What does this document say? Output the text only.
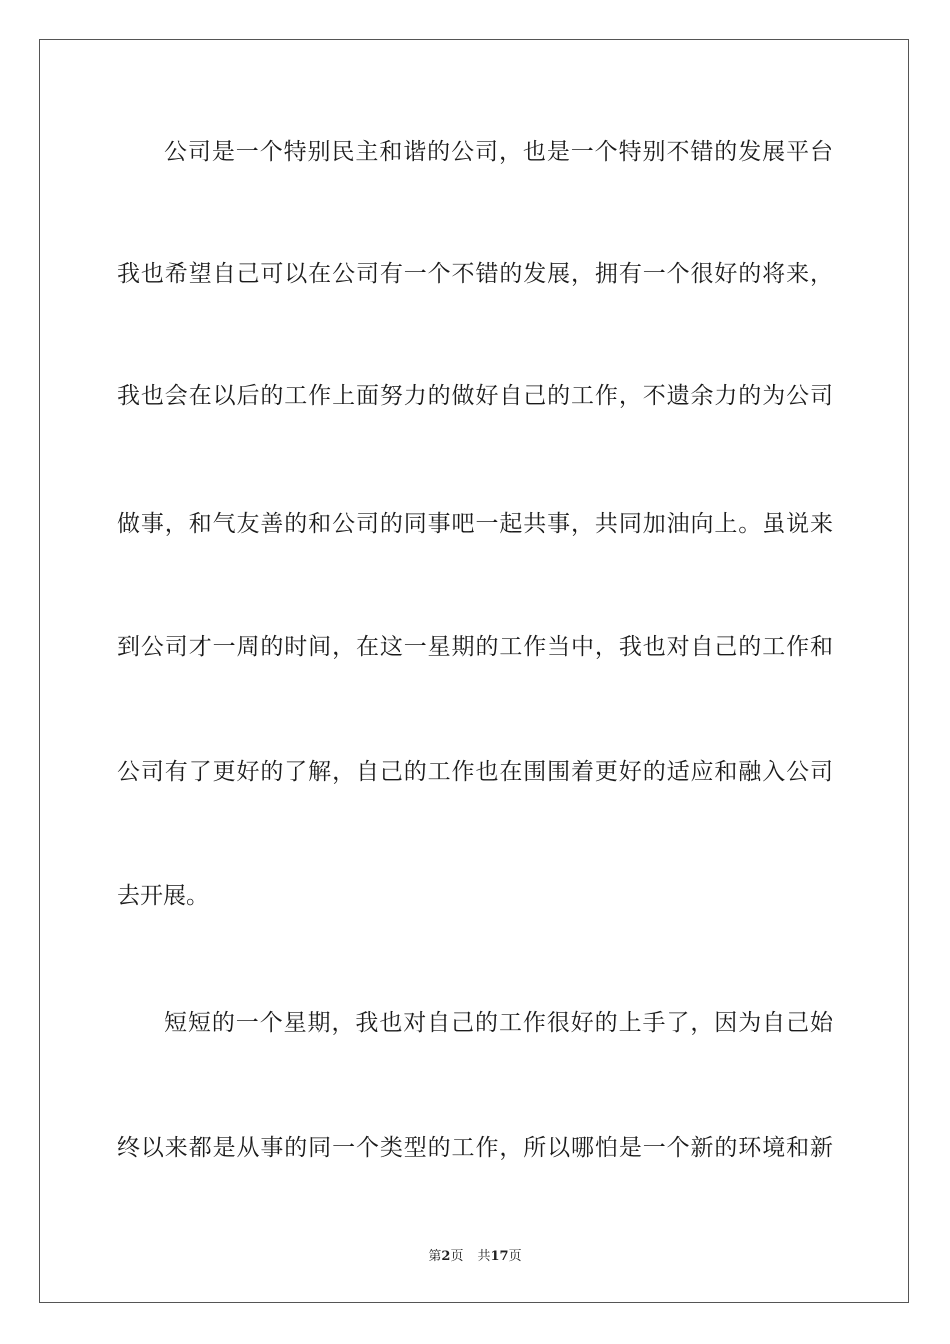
公司是一个特别民主和谐的公司，也是一个特别不错的发展平台
我也希望自己可以在公司有一个不错的发展，拥有一个很好的将来，
我也会在以后的工作上面努力的做好自己的工作，不遗余力的为公司
做事，和气友善的和公司的同事吧一起共事，共同加油向上。虽说来
到公司才一周的时间，在这一星期的工作当中，我也对自己的工作和
公司有了更好的了解，自己的工作也在围围着更好的适应和融入公司
去开展。
短短的一个星期，我也对自己的工作很好的上手了，因为自己始
终以来都是从事的同一个类型的工作，所以哪怕是一个新的环境和新
第2页 共17页
